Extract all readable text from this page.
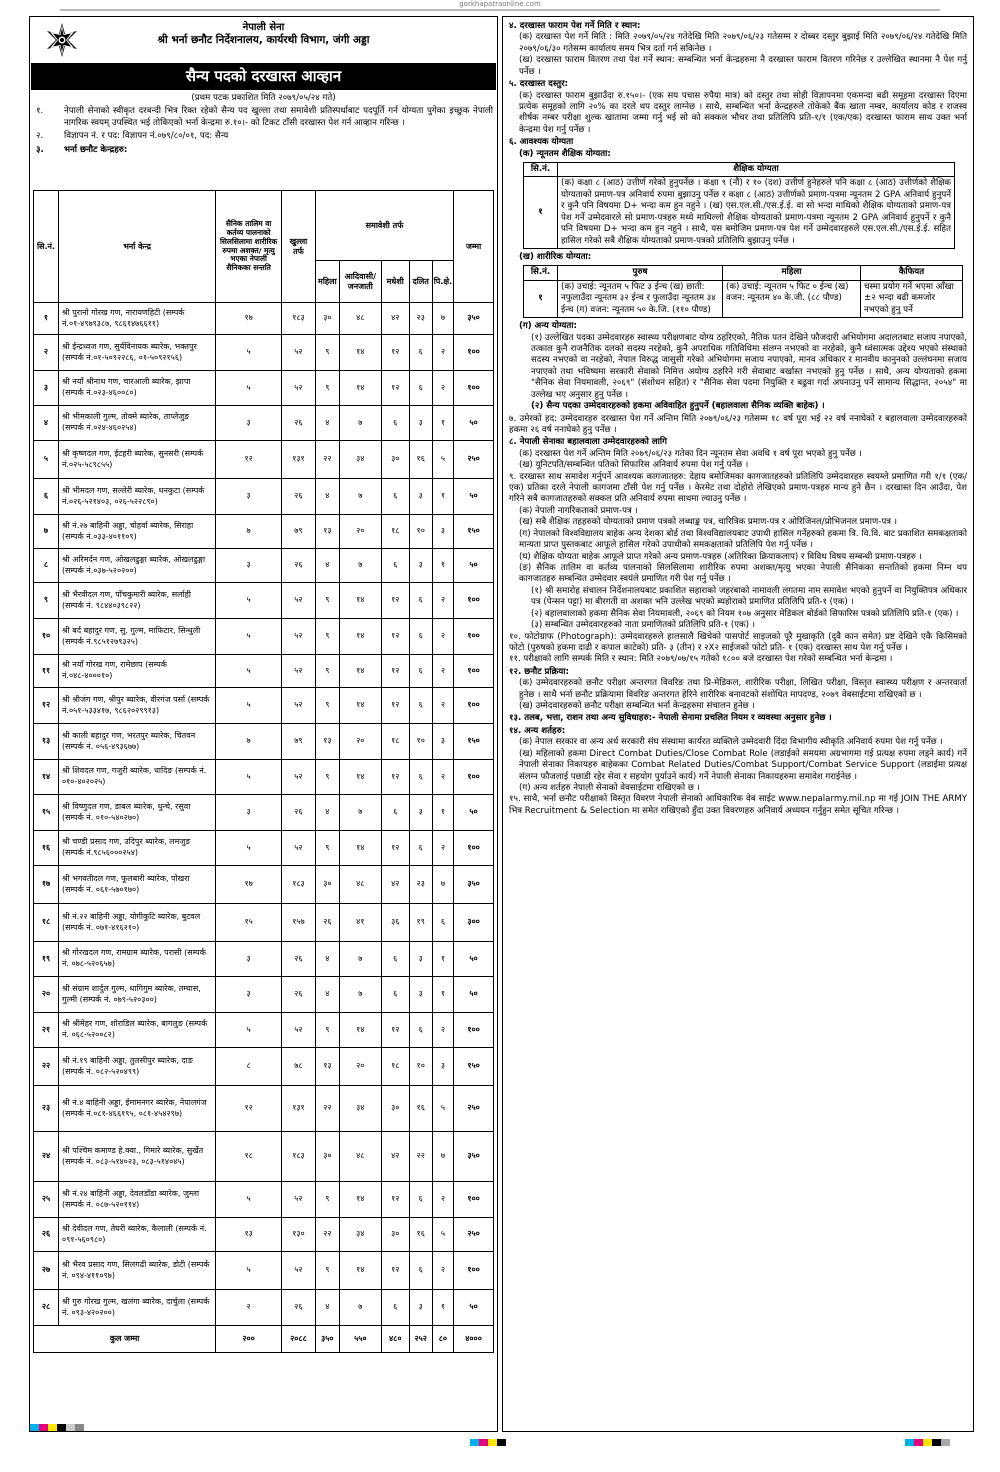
gorkhapatraonline.com
नेपाली सेना
श्री भर्ना छनौट निर्देशनालय, कार्यरथी विभाग, जंगी अड्डा
सैन्य पदको दरखास्त आव्हान
(प्रथम पटक प्रकाशित मिति २०७९/०५/२४ गते)
१.	नेपाली सेनाको स्वीकृत दरबन्दी भित्र रिक्त रहेको सैन्य पद खुल्ला तथा समावेशी प्रतिस्पर्धाबाट पदपूर्ति गर्न योग्यता पुगेका इच्छुक नेपाली नागरिक स्वयम् उपस्थित भई तोकिएको भर्ना केन्द्रमा रु.१०।- को टिकट टाँसी दरखास्त पेश गर्न आव्हान गरिन्छ ।
२.	विज्ञापन नं. र पद: विज्ञापन नं.०७९/८०/०१, पद: सैन्य
३.	भर्ना छनौट केन्द्रहरु:
सि.नं.	भर्ना केन्द्र	सैनिक तालिम वा कर्तव्य पालनाको सिलसिलामा शारीरिक रुपमा अशक्त/ मृत्यु भएका नेपाली सैनिकका सन्तति	खुल्ला तर्फ	समावेशी तर्फ					जम्मा
				महिला	आदिवासी/ जनजाती	मधेशी	दलित	पि.क्षे.	
१	श्री पुरानो गोरख गण, नारायणहिटी (सम्पर्क नं.०१-४९७९३८७, ९८६१४७६६११)	१७	१८३	३०	४८	४२	२३	७	३५०
२	श्री ईन्द्रध्वज गण, सुर्यविनायक ब्यारेक, भक्तपुर (सम्पर्क नं.०१-५०९२२८६, ०१-५०९२१५६)	५	५२	९	१४	१२	६	२	१००
३	श्री नयाँ श्रीनाथ गण, चारआली ब्यारेक, झापा (सम्पर्क नं.०२३-४६००८०)	५	५२	९	१४	१२	६	२	१००
४	श्री भीमकाली गुल्म, तोक्मे ब्यारेक, ताप्लेजुङ (सम्पर्क नं.०२४-४६०२५४)	३	२६	४	७	६	३	१	५०
५	श्री कृष्णदल गण, ईटहरी ब्यारेक, सुनसरी (सम्पर्क नं.०२५-५८९८५५)	१२	१३१	२२	३४	३०	१६	५	२५०
६	श्री भीमदल गण, सल्लेरी ब्यारेक, धनकुटा (सम्पर्क नं.०२६-५२१४०३, ०२६-५२२८९०)	३	२६	४	७	६	३	१	५०
७	श्री नं.२७ बाहिनी अड्डा, चोहर्वा ब्यारेक, सिराहा (सम्पर्क नं.०३३-४०११०९)	७	७९	१३	२०	१८	१०	३	१५०
८	श्री अरिमर्दन गण, ओखलढुङ्गा ब्यारेक, ओखलढुङ्गा (सम्पर्क नं.०३७-५२०२००)	३	२६	४	७	६	३	१	५०
९	श्री भैरवीदल गण, पाँचकुमारी ब्यारेक, सर्लाही (सम्पर्क नं. ९८४४०३९८२२)	५	५२	९	१४	१२	६	२	१००
१०	श्री बर्द बहादुर गण, सु. गुल्म, माफिटार, सिन्धुली (सम्पर्क नं.९८५१२७९३२५)	५	५२	९	१४	१२	६	२	१००
११	श्री नयाँ गोरख गण, रामेछाप (सम्पर्क नं.०४८-४०००१०)	५	५२	९	१४	१२	६	२	१००
१२	श्री श्रीजंग गण, श्रीपुर ब्यारेक, वीरगंज पर्सा (सम्पर्क नं.०५१-५३३४१७, ९८६२०२९९१३)	५	५२	९	१४	१२	६	२	१००
१३	श्री काली बहादुर गण, भरतपुर ब्यारेक, चितवन (सम्पर्क नं. ०५६-४९३६७७)	७	७९	१३	२०	१८	१०	३	१५०
१४	श्री शिवदल गण, गजुरी ब्यारेक, धादिङ (सम्पर्क नं. ०१०-४०२०२५)	५	५२	९	१४	१२	६	२	१००
१५	श्री विष्णुदल गण, डाबल ब्यारेक, धुन्चे, रसुवा (सम्पर्क नं. ०१०-५४०२७०)	३	२६	४	७	६	३	१	५०
१६	श्री चण्डी प्रसाद गण, उदिपुर ब्यारेक, लमजुङ (सम्पर्क नं.९८५६०००२५४)	५	५२	९	१४	१२	६	२	१००
१७	श्री भगवतीदल गण, फूलबारी ब्यारेक, पोखरा (सम्पर्क नं. ०६१-५७०१७०)	१७	१८३	३०	४८	४२	२३	७	३५०
१८	श्री नं.२२ बाहिनी अड्डा, योगीकुटि ब्यारेक, बुटवल (सम्पर्क नं. ०७१-४१६२१०)	१५	१५७	२६	४१	३६	१९	६	३००
१९	श्री गोरखदल गण, रामग्राम ब्यारेक, परासी (सम्पर्क नं. ०७८-५२०६५७)	३	२६	४	७	६	३	१	५०
२०	श्री संग्राम शार्दुल गुल्म, धागिगुम ब्यारेक, तम्घास, गुल्मी (सम्पर्क नं. ०७९-५२०३००)	३	२६	४	७	६	३	१	५०
२१	श्री श्रीमेहर गण, शोराडिल ब्यारेक, बागलुङ (सम्पर्क नं. ०६८-५२००८२)	५	५२	९	१४	१२	६	२	१००
२२	श्री नं.१९ बाहिनी अड्डा, तुलसीपुर ब्यारेक, दाङ (सम्पर्क नं. ०८२-५२०४९९)	८	७८	१३	२०	१८	१०	३	१५०
२३	श्री नं.४ बाहिनी अड्डा, ईमामनगर ब्यारेक, नेपालगंज (सम्पर्क नं.०८१-४६६१९५, ०८१-४५४२९७)	१२	१३१	२२	३४	३०	१६	५	२५०
२४	श्री पश्चिम कमाण्ड हे.क्वा., गिमारे ब्यारेक, सुर्खेत (सम्पर्क नं. ०८३-५१४०२३, ०८३-५१४०४५)	१८	१८३	३०	४८	४२	२२	७	३५०
२५	श्री नं.२४ बाहिनी अड्डा, देवलडाँडा ब्यारेक, जुम्ला (सम्पर्क नं. ०८७-५२०११४)	५	५२	९	१४	१२	६	२	१००
२६	श्री देवीदल गण, तेघरी ब्यारेक, कैलाली (सम्पर्क नं. ०९१-५६०९८०)	१३	१३०	२२	३४	३०	१६	५	२५०
२७	श्री भैरव प्रसाद गण, सिलगढी ब्यारेक, डोटी (सम्पर्क नं. ०९४-४११०९७)	५	५२	९	१४	१२	६	२	१००
२८	श्री गुरु गोरख गुल्म, खलंगा ब्यारेक, दार्चुला (सम्पर्क नं. ०९३-४२०२००)	२	२६	४	७	६	३	१	५०
कुल जम्मा		२००	२०८८	३५०	५५०	४८०	२५२	८०	४०००
४. दरखास्त फाराम पेश गर्ने मिति र स्थान:
(क) दरखास्त पेश गर्ने मिति : मिति २०७९/०५/२४ गतेदेखि मिति २०७९/०६/२३ गतेसम्म र दोब्बर दस्तुर बुझाई मिति २०७९/०६/२४ गतेदेखि मिति २०७९/०६/३० गतेसम्म कार्यालय समय भित्र दर्ता गर्न सकिनेछ ।
(ख) दरखास्त फाराम वितरण तथा पेश गर्ने स्थान: सम्बन्धित भर्ना केन्द्रहरुमा नै दरखास्त फाराम वितरण गरिनेछ र उल्लेखित स्थानमा नै पेश गर्नु पर्नेछ ।
५. दरखास्त दस्तुर:
(क) दरखास्त फाराम बुझाउँदा रु.१५०।- (एक सय पचास रुपैया मात्र) को दस्तुर तथा सोही विज्ञापनमा एकमन्दा बढी समूहमा दरखास्त दिएमा प्रत्येक समूहको लागि २०% का दरले थप दस्तुर लाग्नेछ । साथै, सम्बन्धित भर्ना केन्द्रहरुले तोकेको बैंक खाता नम्बर, कार्यालय कोड र राजस्व शीर्षक नम्बर परीक्षा शुल्क खातामा जम्मा गर्नु भई सो को सक्कल भौचर तथा प्रतिलिपि प्रति-१/१ (एक/एक) दरखास्त फाराम साथ उक्त भर्ना केन्द्रमा पेश गर्नु पर्नेछ ।
६. आवश्यक योग्यता
(क) न्यूनतम शैक्षिक योग्यता:
सि.नं.	शैक्षिक योग्यता
१	(क) कक्षा ८ (आठ) उत्तीर्ण गरेको हुनुपर्नेछ । कक्षा ९ (नौं) र १० (दश) उत्तीर्ण हुनेहरुले पनि कक्षा ८ (आठ) उत्तीर्णको शैक्षिक योग्यताको प्रमाण-पत्र अनिवार्य रुपमा बुझाउनु पर्नेछ र कक्षा ८ (आठ) उत्तीर्णको प्रमाण-पत्रमा न्यूनतम 2 GPA अनिवार्य हुनुपर्ने र कुनै पनि विषयमा D+ भन्दा कम हुन नहुने । (ख) एस.एल.सी./एस.ई.ई. वा सो भन्दा माथिको शैक्षिक योग्यताको प्रमाण-पत्र पेश गर्ने उम्मेदवारले सो प्रमाण-पत्रहरु मध्ये माथिल्लो शैक्षिक योग्यताको प्रमाण-पत्रमा न्यूनतम 2 GPA अनिवार्य हुनुपर्ने र कुनै पनि विषयमा D+ भन्दा कम हुन नहुने । साथै, यस बमोजिम प्रमाण-पत्र पेश गर्ने उम्मेदवारहरुले एस.एल.सी./एस.ई.ई. सहित हासिल गरेको सबै शैक्षिक योग्यताको प्रमाण-पत्रको प्रतिलिपि बुझाउनु पर्नेछ ।
(ख) शारीरिक योग्यता:
सि.नं.	पुरुष	महिला	कैफियत
१	(क) उचाई: न्यूनतम ५ फिट ३ ईन्च (ख) छाती: नफुलाउँदा न्यूनतम ३२ ईन्च र फुलाउँदा न्यूनतम ३४ ईन्च (ग) वजन: न्यूनतम ५० के.जि. (११० पौण्ड)	(क) उचाई: न्यूनतम ५ फिट ० ईन्च (ख) वजन: न्यूनतम ४० के.जी. (८८ पौण्ड)	चस्मा प्रयोग गर्ने भएमा आँखा ±२ भन्दा बढी कमजोर नभएको हुनु पर्ने
(ग) अन्य योग्यता:
(१) उल्लेखित पदका उम्मेदवारहरु स्वास्थ्य परीक्षणबाट योग्य ठहरिएको, नैतिक पतन देखिने फौजदारी अभियोगमा अदालतबाट सजाय नपाएको, तत्काल कुनै राजनैतिक दलको सदस्य नरहेको, कुनै अपराधिक गतिविधिमा संलग्न नभएको वा नरहेको, कुनै ध्वंसात्मक उद्देश्य भएको संस्थाको सदस्य नभएको वा नरहेको, नेपाल विरुद्ध जासुसी गरेको अभियोगमा सजाय नपाएको, मानव अधिकार र मानवीय कानुनको उल्लंघनमा सजाय नपाएको तथा भविष्यमा सरकारी सेवाको निमित्त अयोग्य ठहरिने गरी सेवाबाट बर्खास्त नभएको हुनु पर्नेछ । साथै, अन्य योग्यताको हकमा "सैनिक सेवा नियमावली, २०६९" (संशोधन सहित) र "सैनिक सेवा पदमा नियुक्ति र बढुवा गर्दा अपनाउनु पर्ने सामान्य सिद्धान्त, २०५४" मा उल्लेख भए अनुसार हुनु पर्नेछ ।
(२) सैन्य पदका उम्मेदवारहरुको हकमा अविवाहित हुनुपर्ने (बहालवाला सैनिक व्यक्ति बाहेक) ।
७. उमेरको हद: उम्मेदवारहरु दरखास्त पेश गर्ने अन्तिम मिति २०७९/०६/२३ गतेसम्म १८ वर्ष पूरा भई २२ वर्ष ननाघेको र बहालवाला उम्मेदवारहरुको हकमा २६ वर्ष ननाघेको हुनु पर्नेछ ।
८. नेपाली सेनाका बहालवाला उम्मेदवारहरुको लागि
(क) दरखास्त पेश गर्ने अन्तिम मिति २०७९/०६/२३ गतेका दिन न्यूनतम सेवा अवधि १ वर्ष पूरा भएको हुनु पर्नेछ ।
(ख) युनिटपति/सम्बन्धित पतिको सिफारिस अनिवार्य रुपमा पेश गर्नु पर्नेछ ।
९. दरखास्त साथ समावेश गर्नुपर्ने आवश्यक कागजातहरु: देहाय बमोजिमका कागजातहरुको प्रतिलिपि उम्मेदवारहरु स्वयम्ले प्रमाणित गरी १/१ (एक/एक) प्रतिका दरले नेपाली कागजमा टाँसी पेश गर्नु पर्नेछ । केरमेट तथा दोहोरो लेखिएको प्रमाण-पत्रहरु मान्य हुने छैन । दरखास्त दिन आउँदा, पेश गरिने सबै कागजातहरुको सक्कल प्रति अनिवार्य रुपमा साथमा ल्याउनु पर्नेछ ।
(क) नेपाली नागरिकताको प्रमाण-पत्र ।
(ख) सबै शैक्षिक तहहरुको योग्यताको प्रमाण पत्रको लब्धाङ्क पत्र, चारित्रिक प्रमाण-पत्र र ओरिजिनल/प्रोभिजनल प्रमाण-पत्र ।
(ग) नेपालको विश्वविद्यालय बाहेक अन्य देशका बोर्ड तथा विश्वविद्यालयबाट उपाधी हासिल गर्नेहरुको हकमा त्रि. वि.वि. बाट प्रकाशित समकक्षताको मान्यता प्राप्त पुस्तकबाट आफूले हासिल गरेको उपाधीको समकक्षताको प्रतिलिपि पेश गर्नु पर्नेछ ।
(घ) शैक्षिक योग्यता बाहेक आफूले प्राप्त गरेको अन्य प्रमाण-पत्रहरु (अतिरिक्त क्रियाकलाप) र विविध विषय सम्बन्धी प्रमाण-पत्रहरु ।
(ङ) सैनिक तालिम वा कर्तव्य पालनाको सिलसिलामा शारीरिक रुपमा अशक्त/मृत्यु भएका नेपाली सैनिकका सन्ततिको हकमा निम्न थप कागजातहरु सम्बन्धित उम्मेदवार स्वयंले प्रमाणित गरी पेश गर्नु पर्नेछ ।
(१) श्री समारोह संचालन निर्देशनालयबाट प्रकाशित सहाराको जहरबाको नामावली लगतमा नाम समावेश भएको हुनुपर्ने वा नियुक्तिपत्र अधिकार पत्र (पेन्सन पट्टा) मा बीरगती वा अशक्त भनि उल्लेख भएको ब्यहोराको प्रमाणित प्रतिलिपि प्रति-१ (एक) ।
(२) बहालवालाको हकमा सैनिक सेवा नियमावली, २०६९ को नियम १०७ अनुसार मेडिकल बोर्डको सिफारिस पत्रको प्रतिलिपि प्रति-१ (एक) ।
(३) सम्बन्धित उम्मेदवारहरुको नाता प्रमाणितको प्रतिलिपि प्रति-१ (एक) ।
१०. फोटोग्राफ (Photograph): उम्मेदवारहरुले हालसालै खिचेको पासपोर्ट साइजको पूरै मुखाकृति (दुवै कान समेत) प्रष्ट देखिने एकै किसिमको फोटो (पुरुषको हकमा दाढी र कपाल काटेको) प्रति- ३ (तीन) र २X२ साईजको फोटो प्रति- १ (एक) दरखास्त साथ पेश गर्नु पर्नेछ ।
११. परीक्षाको लागि सम्पर्क मिति र स्थान: मिति २०७९/०७/१५ गतेको १८०० बजे दरखास्त पेश गरेको सम्बन्धित भर्ना केन्द्रमा ।
१२. छनौट प्रक्रिया:
(क) उम्मेदवारहरुको छनौट परीक्षा अन्तरगत विवरिङ तथा प्रि-मेडिकल, शारीरिक परीक्षा, लिखित परीक्षा, विस्तृत स्वास्थ्य परीक्षण र अन्तरवार्ता हुनेछ । साथै भर्ना छनौट प्रक्रियामा विवरिङ अन्तरगत हेरिने शारीरिक बनावटको संशोधित मापदण्ड, २०७९ वेबसाईटमा राखिएको छ ।
(ख) उम्मेदवारहरुको छनौट परीक्षा सम्बन्धित भर्ना केन्द्रहरुमा संचालन हुनेछ ।
१३. तलब, भत्ता, राशन तथा अन्य सुविधाहरु:- नेपाली सेनामा प्रचलित नियम र व्यवस्था अनुसार हुनेछ ।
१४. अन्य शर्तहरु:
(क) नेपाल सरकार वा अन्य अर्ध सरकारी संघ संस्थामा कार्यरत व्यक्तिले उम्मेदवारी दिंदा विभागीय स्वीकृति अनिवार्य रुपमा पेश गर्नु पर्नेछ ।
(ख) महिलाको हकमा Direct Combat Duties/Close Combat Role (लडाईको समयमा अग्रभागमा गई प्रत्यक्ष रुपमा लड्ने कार्य) गर्ने नेपाली सेनाका निकायहरु बाहेकका Combat Related Duties/Combat Support/Combat Service Support (लडाईमा प्रत्यक्ष संलग्न फौजलाई पछाडी रहेर सेवा र सहयोग पुर्याउने कार्य) गर्ने नेपाली सेनाका निकायहरुमा समावेश गराईनेछ ।
(ग) अन्य शर्तहरु नेपाली सेनाको वेवसाईटमा राखिएको छ ।
१५. साथै, भर्ना छनौट परीक्षाको विस्तृत विवरण नेपाली सेनाको आधिकारिक वेब साईट www.nepalarmy.mil.np मा गई JOIN THE ARMY भित्र Recruitment & Selection मा समेत राखिएको हुँदा उक्त विवरणहरु अनिवार्य अध्ययन गर्नुहुन समेत सूचित गरिन्छ ।
